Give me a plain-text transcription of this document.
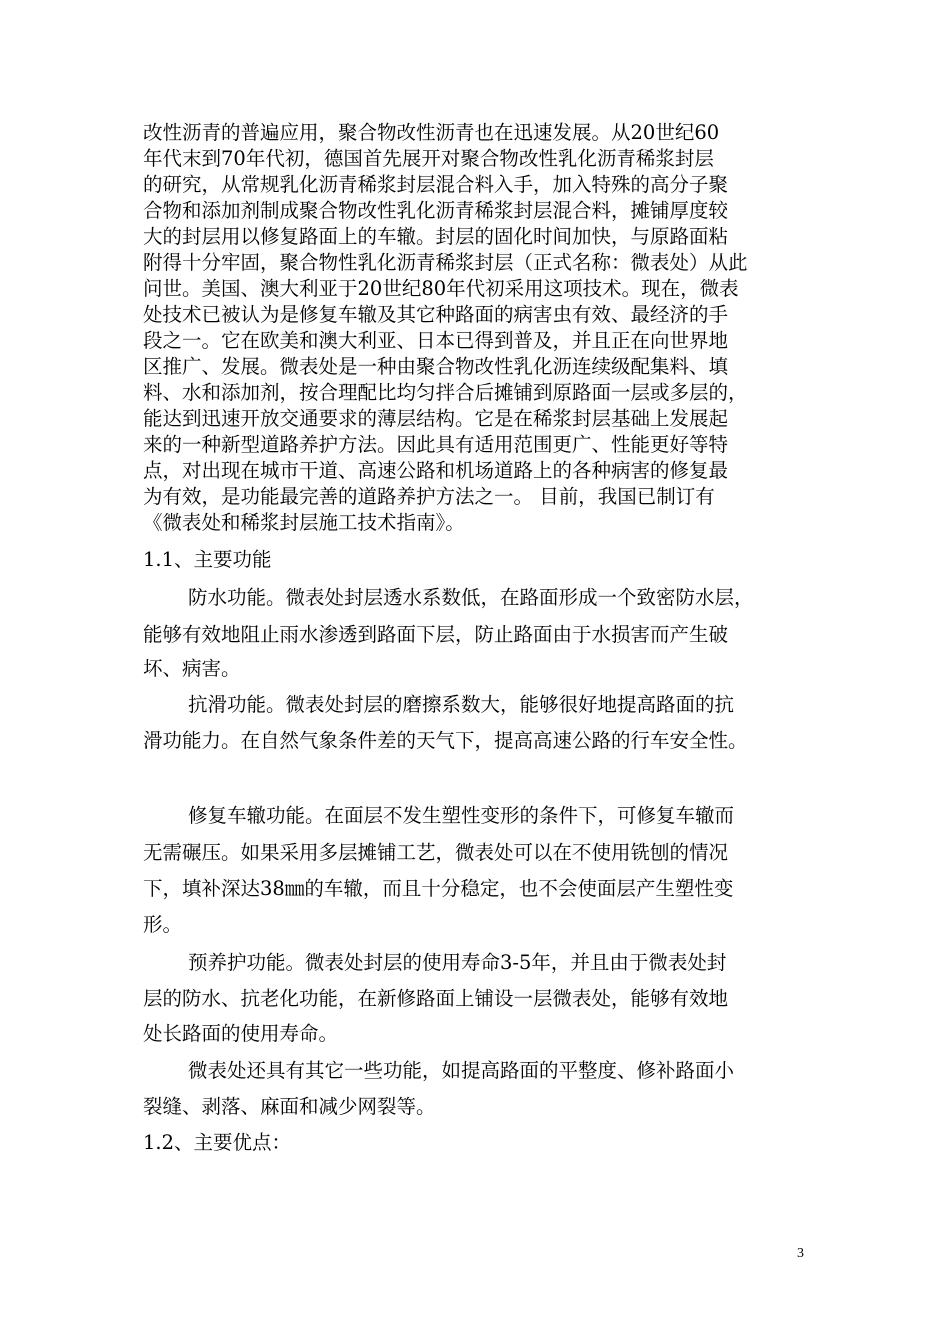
改性沥青的普遍应用，聚合物改性沥青也在迅速发展。从20世纪60
年代末到70年代初，德国首先展开对聚合物改性乳化沥青稀浆封层
的研究，从常规乳化沥青稀浆封层混合料入手，加入特殊的高分子聚
合物和添加剂制成聚合物改性乳化沥青稀浆封层混合料，摊铺厚度较
大的封层用以修复路面上的车辙。封层的固化时间加快，与原路面粘
附得十分牢固，聚合物性乳化沥青稀浆封层（正式名称：微表处）从此
问世。美国、澳大利亚于20世纪80年代初采用这项技术。现在，微表
处技术已被认为是修复车辙及其它种路面的病害虫有效、最经济的手
段之一。它在欧美和澳大利亚、日本已得到普及，并且正在向世界地
区推广、发展。微表处是一种由聚合物改性乳化沥连续级配集料、填
料、水和添加剂，按合理配比均匀拌合后摊铺到原路面一层或多层的，
能达到迅速开放交通要求的薄层结构。它是在稀浆封层基础上发展起
来的一种新型道路养护方法。因此具有适用范围更广、性能更好等特
点，对出现在城市干道、高速公路和机场道路上的各种病害的修复最
为有效，是功能最完善的道路养护方法之一。 目前，我国已制订有
《微表处和稀浆封层施工技术指南》。
1.1、主要功能
防水功能。微表处封层透水系数低，在路面形成一个致密防水层，
能够有效地阻止雨水渗透到路面下层，防止路面由于水损害而产生破
坏、病害。
抗滑功能。微表处封层的磨擦系数大，能够很好地提高路面的抗
滑功能力。在自然气象条件差的天气下，提高高速公路的行车安全性。
修复车辙功能。在面层不发生塑性变形的条件下，可修复车辙而
无需碾压。如果采用多层摊铺工艺，微表处可以在不使用铣刨的情况
下，填补深达38㎜的车辙，而且十分稳定，也不会使面层产生塑性变
形。
预养护功能。微表处封层的使用寿命3-5年，并且由于微表处封
层的防水、抗老化功能，在新修路面上铺设一层微表处，能够有效地
处长路面的使用寿命。
微表处还具有其它一些功能，如提高路面的平整度、修补路面小
裂缝、剥落、麻面和减少网裂等。
1.2、主要优点：
3
